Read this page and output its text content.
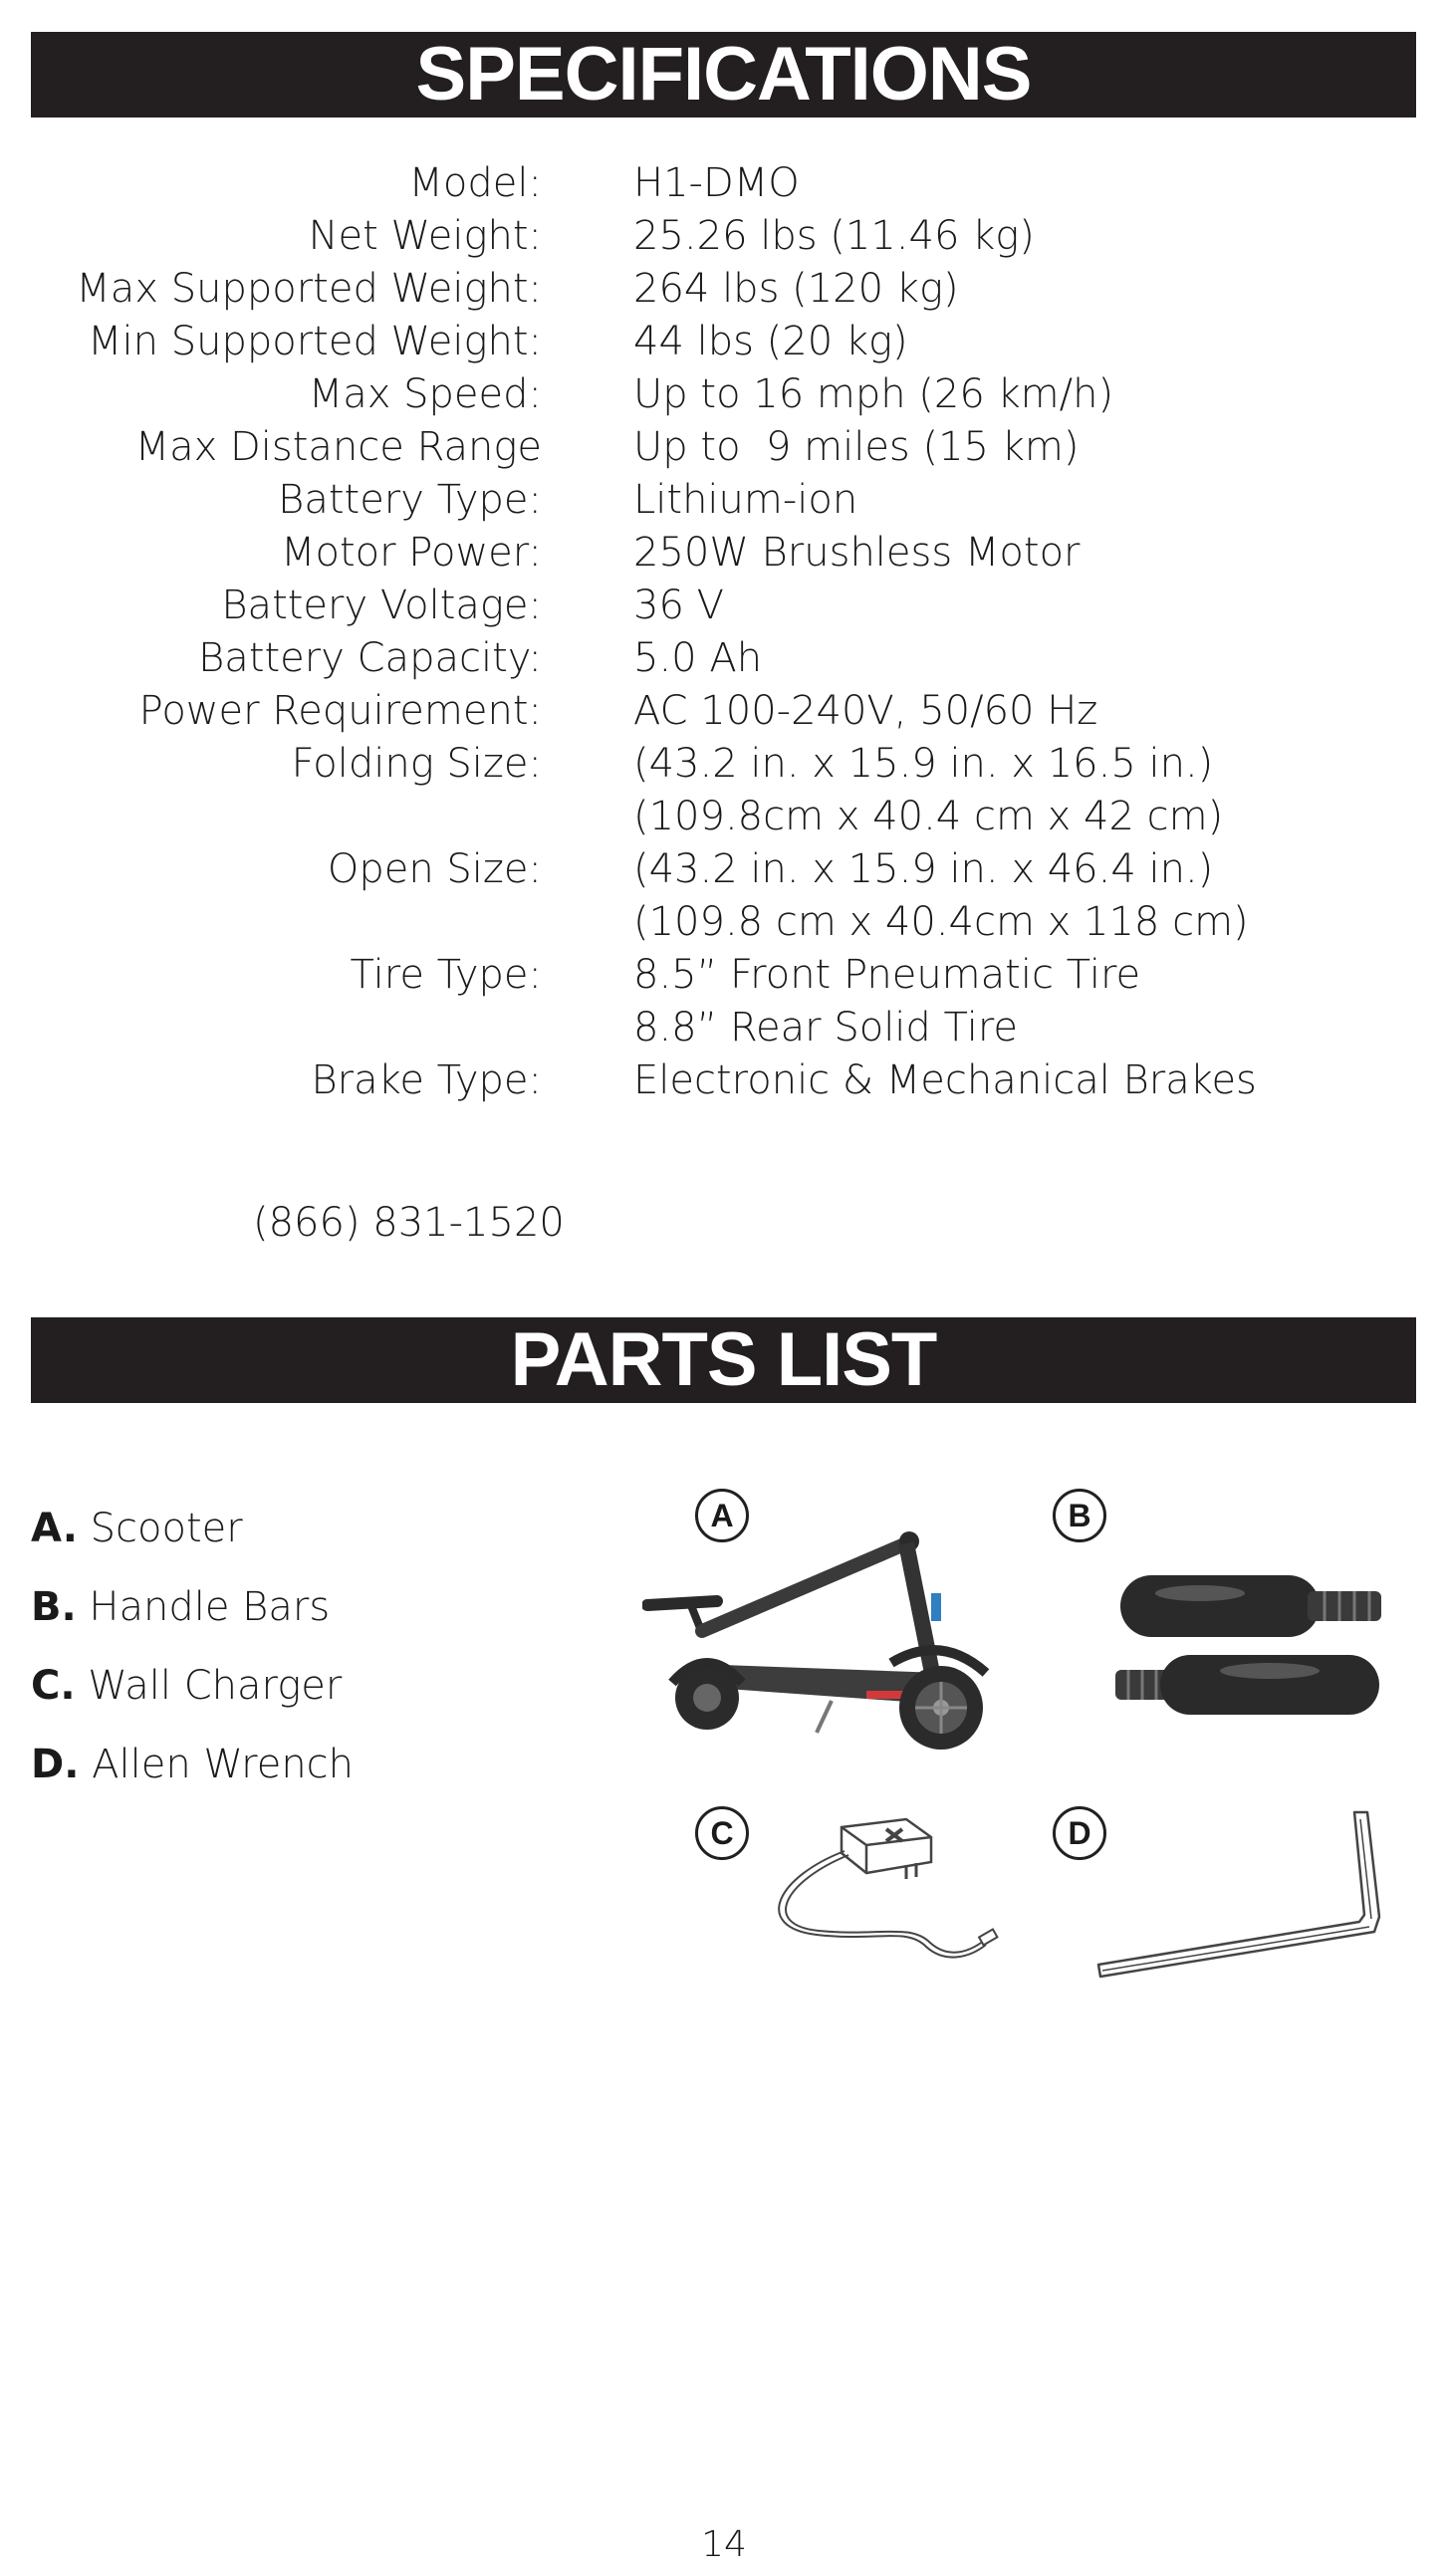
SPECIFICATIONS
Model: H1-DMO
Net Weight: 25.26 lbs (11.46 kg)
Max Supported Weight: 264 lbs (120 kg)
Min Supported Weight: 44 lbs (20 kg)
Max Speed: Up to 16 mph (26 km/h)
Max Distance Range Up to  9 miles (15 km)
Battery Type: Lithium-ion
Motor Power: 250W Brushless Motor
Battery Voltage: 36 V
Battery Capacity: 5.0 Ah
Power Requirement: AC 100-240V, 50/60 Hz
Folding Size: (43.2 in. x 15.9 in. x 16.5 in.)
(109.8cm x 40.4 cm x 42 cm)
Open Size: (43.2 in. x 15.9 in. x 46.4 in.)
(109.8 cm x 40.4cm x 118 cm)
Tire Type: 8.5” Front Pneumatic Tire
8.8” Rear Solid Tire
Brake Type: Electronic & Mechanical Brakes
(866) 831-1520
PARTS LIST
A. Scooter
B. Handle Bars
C. Wall Charger
D. Allen Wrench
A	B
C	D
14
